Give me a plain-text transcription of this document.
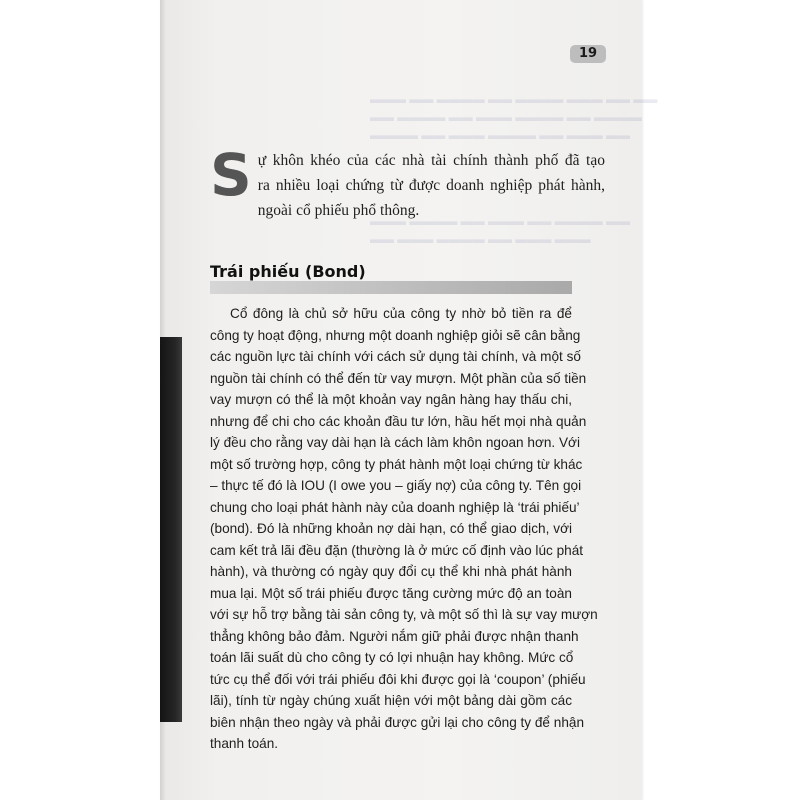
▬▬▬ ▬▬ ▬▬▬▬ ▬▬ ▬▬▬▬ ▬▬▬ ▬▬ ▬▬
▬▬ ▬▬▬▬ ▬▬ ▬▬▬ ▬▬▬▬ ▬▬ ▬▬▬▬
▬▬▬▬ ▬▬ ▬▬▬ ▬▬▬▬ ▬▬ ▬▬▬ ▬▬
▬▬▬ ▬▬▬▬ ▬▬ ▬▬▬ ▬▬ ▬▬▬▬ ▬▬
▬▬ ▬▬▬ ▬▬▬▬ ▬▬ ▬▬▬ ▬▬▬
19
S ự khôn khéo của các nhà tài chính thành phố đã tạo
ra nhiều loại chứng từ được doanh nghiệp phát hành,
ngoài cổ phiếu phổ thông.
Trái phiếu (Bond)
Cổ đông là chủ sở hữu của công ty nhờ bỏ tiền ra để
công ty hoạt động, nhưng một doanh nghiệp giỏi sẽ cân bằng
các nguồn lực tài chính với cách sử dụng tài chính, và một số
nguồn tài chính có thể đến từ vay mượn. Một phần của số tiền
vay mượn có thể là một khoản vay ngân hàng hay thấu chi,
nhưng để chi cho các khoản đầu tư lớn, hầu hết mọi nhà quản
lý đều cho rằng vay dài hạn là cách làm khôn ngoan hơn. Với
một số trường hợp, công ty phát hành một loại chứng từ khác
– thực tế đó là IOU (I owe you – giấy nợ) của công ty. Tên gọi
chung cho loại phát hành này của doanh nghiệp là ‘trái phiếu’
(bond). Đó là những khoản nợ dài hạn, có thể giao dịch, với
cam kết trả lãi đều đặn (thường là ở mức cố định vào lúc phát
hành), và thường có ngày quy đổi cụ thể khi nhà phát hành
mua lại. Một số trái phiếu được tăng cường mức độ an toàn
với sự hỗ trợ bằng tài sản công ty, và một số thì là sự vay mượn
thẳng không bảo đảm. Người nắm giữ phải được nhận thanh
toán lãi suất dù cho công ty có lợi nhuận hay không. Mức cổ
tức cụ thể đối với trái phiếu đôi khi được gọi là ‘coupon’ (phiếu
lãi), tính từ ngày chúng xuất hiện với một bảng dài gồm các
biên nhận theo ngày và phải được gửi lại cho công ty để nhận
thanh toán.
